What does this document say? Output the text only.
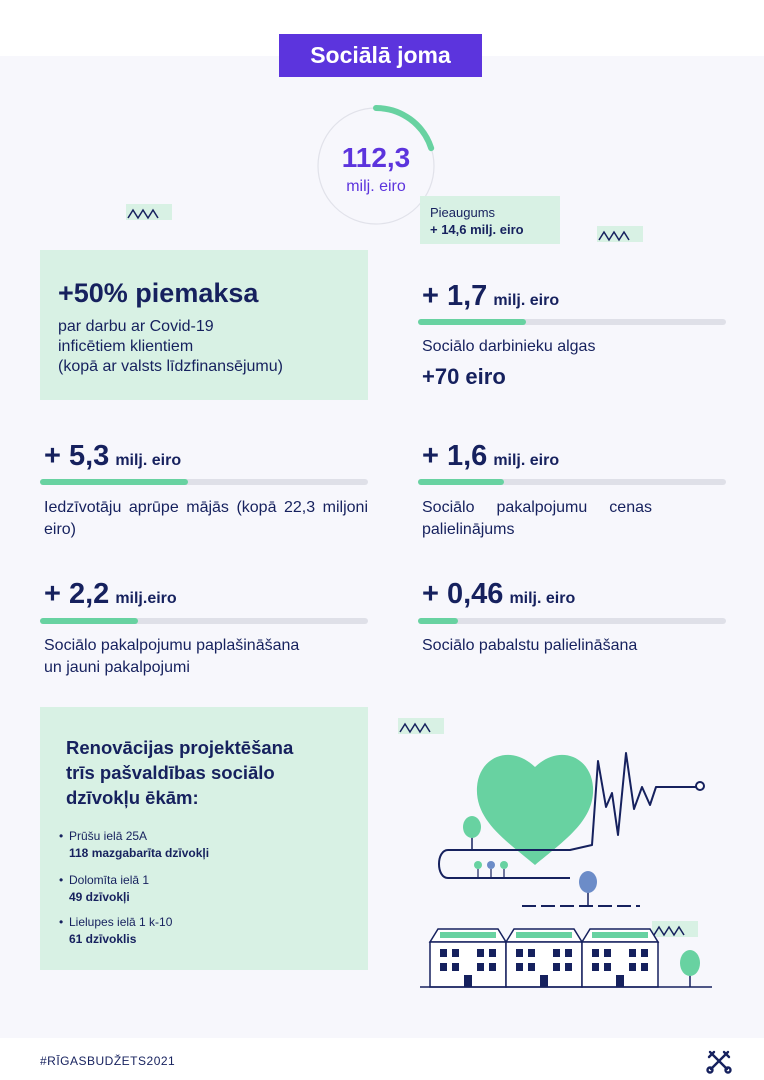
Sociālā joma
112,3
milj. eiro
Pieaugums
+ 14,6 milj. eiro
+50% piemaksa
par darbu ar Covid-19
inficētiem klientiem
(kopā ar valsts līdzfinansējumu)
+ 1,7 milj. eiro
Sociālo darbinieku algas
+70 eiro
+ 5,3 milj. eiro
Iedzīvotāju aprūpe mājās (kopā 22,3 miljoni eiro)
+ 1,6 milj. eiro
Sociālo pakalpojumu cenas palielinājums
+ 2,2 milj.eiro
Sociālo pakalpojumu paplašināšana
un jauni pakalpojumi
+ 0,46 milj. eiro
Sociālo pabalstu palielināšana
Renovācijas projektēšana
trīs pašvaldības sociālo
dzīvokļu ēkām:
• Prūšu ielā 25A
118 mazgabarīta dzīvokļi
• Dolomīta ielā 1
49 dzīvokļi
• Lielupes ielā 1 k-10
61 dzīvoklis
#RĪGASBUDŽETS2021
